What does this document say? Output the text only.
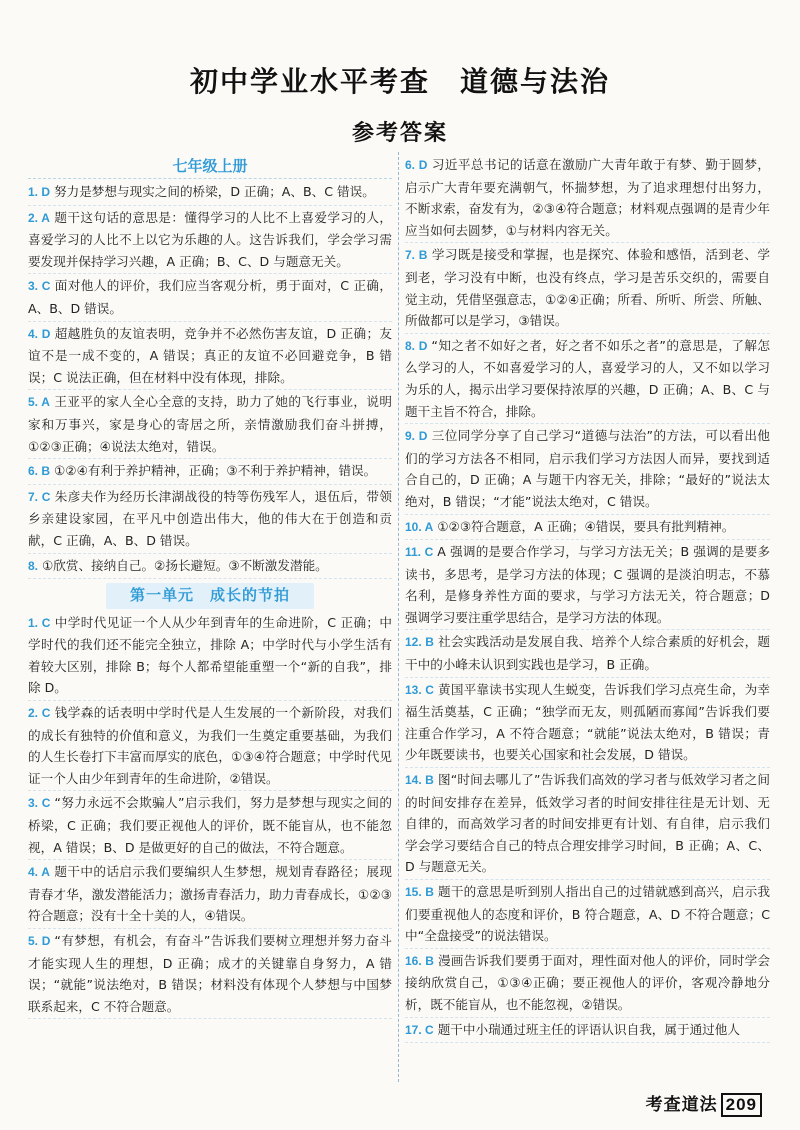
初中学业水平考查　道德与法治
参考答案
七年级上册
1. D 努力是梦想与现实之间的桥梁，D 正确；A、B、C 错误。
2. A 题干这句话的意思是：懂得学习的人比不上喜爱学习的人，喜爱学习的人比不上以它为乐趣的人。这告诉我们，学会学习需要发现并保持学习兴趣，A 正确；B、C、D 与题意无关。
3. C 面对他人的评价，我们应当客观分析，勇于面对，C 正确，A、B、D 错误。
4. D 超越胜负的友谊表明，竞争并不必然伤害友谊，D 正确；友谊不是一成不变的，A 错误；真正的友谊不必回避竞争，B 错误；C 说法正确，但在材料中没有体现，排除。
5. A 王亚平的家人全心全意的支持，助力了她的飞行事业，说明家和万事兴，家是身心的寄居之所，亲情激励我们奋斗拼搏，①②③正确；④说法太绝对，错误。
6. B ①②④有利于养护精神，正确；③不利于养护精神，错误。
7. C 朱彦夫作为经历长津湖战役的特等伤残军人，退伍后，带领乡亲建设家园，在平凡中创造出伟大，他的伟大在于创造和贡献，C 正确，A、B、D 错误。
8. ①欣赏、接纳自己。②扬长避短。③不断激发潜能。
第一单元　成长的节拍
1. C 中学时代见证一个人从少年到青年的生命进阶，C 正确；中学时代的我们还不能完全独立，排除 A；中学时代与小学生活有着较大区别，排除 B；每个人都希望能重塑一个“新的自我”，排除 D。
2. C 钱学森的话表明中学时代是人生发展的一个新阶段，对我们的成长有独特的价值和意义，为我们一生奠定重要基础，为我们的人生长卷打下丰富而厚实的底色，①③④符合题意；中学时代见证一个人由少年到青年的生命进阶，②错误。
3. C “努力永远不会欺骗人”启示我们，努力是梦想与现实之间的桥梁，C 正确；我们要正视他人的评价，既不能盲从，也不能忽视，A 错误；B、D 是做更好的自己的做法，不符合题意。
4. A 题干中的话启示我们要编织人生梦想，规划青春路径；展现青春才华，激发潜能活力；激扬青春活力，助力青春成长，①②③符合题意；没有十全十美的人，④错误。
5. D “有梦想，有机会，有奋斗”告诉我们要树立理想并努力奋斗才能实现人生的理想，D 正确；成才的关键靠自身努力，A 错误；“就能”说法绝对，B 错误；材料没有体现个人梦想与中国梦联系起来，C 不符合题意。
6. D 习近平总书记的话意在激励广大青年敢于有梦、勤于圆梦，启示广大青年要充满朝气，怀揣梦想，为了追求理想付出努力，不断求索，奋发有为，②③④符合题意；材料观点强调的是青少年应当如何去圆梦，①与材料内容无关。
7. B 学习既是接受和掌握，也是探究、体验和感悟，活到老、学到老，学习没有中断，也没有终点，学习是苦乐交织的，需要自觉主动，凭借坚强意志，①②④正确；所看、所听、所尝、所触、所做都可以是学习，③错误。
8. D “知之者不如好之者，好之者不如乐之者”的意思是，了解怎么学习的人，不如喜爱学习的人，喜爱学习的人，又不如以学习为乐的人，揭示出学习要保持浓厚的兴趣，D 正确；A、B、C 与题干主旨不符合，排除。
9. D 三位同学分享了自己学习“道德与法治”的方法，可以看出他们的学习方法各不相同，启示我们学习方法因人而异，要找到适合自己的，D 正确；A 与题干内容无关，排除；“最好的”说法太绝对，B 错误；“才能”说法太绝对，C 错误。
10. A ①②③符合题意，A 正确；④错误，要具有批判精神。
11. C A 强调的是要合作学习，与学习方法无关；B 强调的是要多读书，多思考，是学习方法的体现；C 强调的是淡泊明志，不慕名利，是修身养性方面的要求，与学习方法无关，符合题意；D 强调学习要注重学思结合，是学习方法的体现。
12. B 社会实践活动是发展自我、培养个人综合素质的好机会，题干中的小峰未认识到实践也是学习，B 正确。
13. C 黄国平靠读书实现人生蜕变，告诉我们学习点亮生命，为幸福生活奠基，C 正确；“独学而无友，则孤陋而寡闻”告诉我们要注重合作学习，A 不符合题意；“就能”说法太绝对，B 错误；青少年既要读书，也要关心国家和社会发展，D 错误。
14. B 图“时间去哪儿了”告诉我们高效的学习者与低效学习者之间的时间安排存在差异，低效学习者的时间安排往往是无计划、无自律的，而高效学习者的时间安排更有计划、有自律，启示我们学会学习要结合自己的特点合理安排学习时间，B 正确；A、C、D 与题意无关。
15. B 题干的意思是听到别人指出自己的过错就感到高兴，启示我们要重视他人的态度和评价，B 符合题意，A、D 不符合题意；C 中“全盘接受”的说法错误。
16. B 漫画告诉我们要勇于面对，理性面对他人的评价，同时学会接纳欣赏自己，①③④正确；要正视他人的评价，客观冷静地分析，既不能盲从，也不能忽视，②错误。
17. C 题干中小瑞通过班主任的评语认识自我，属于通过他人
考查道法 209
